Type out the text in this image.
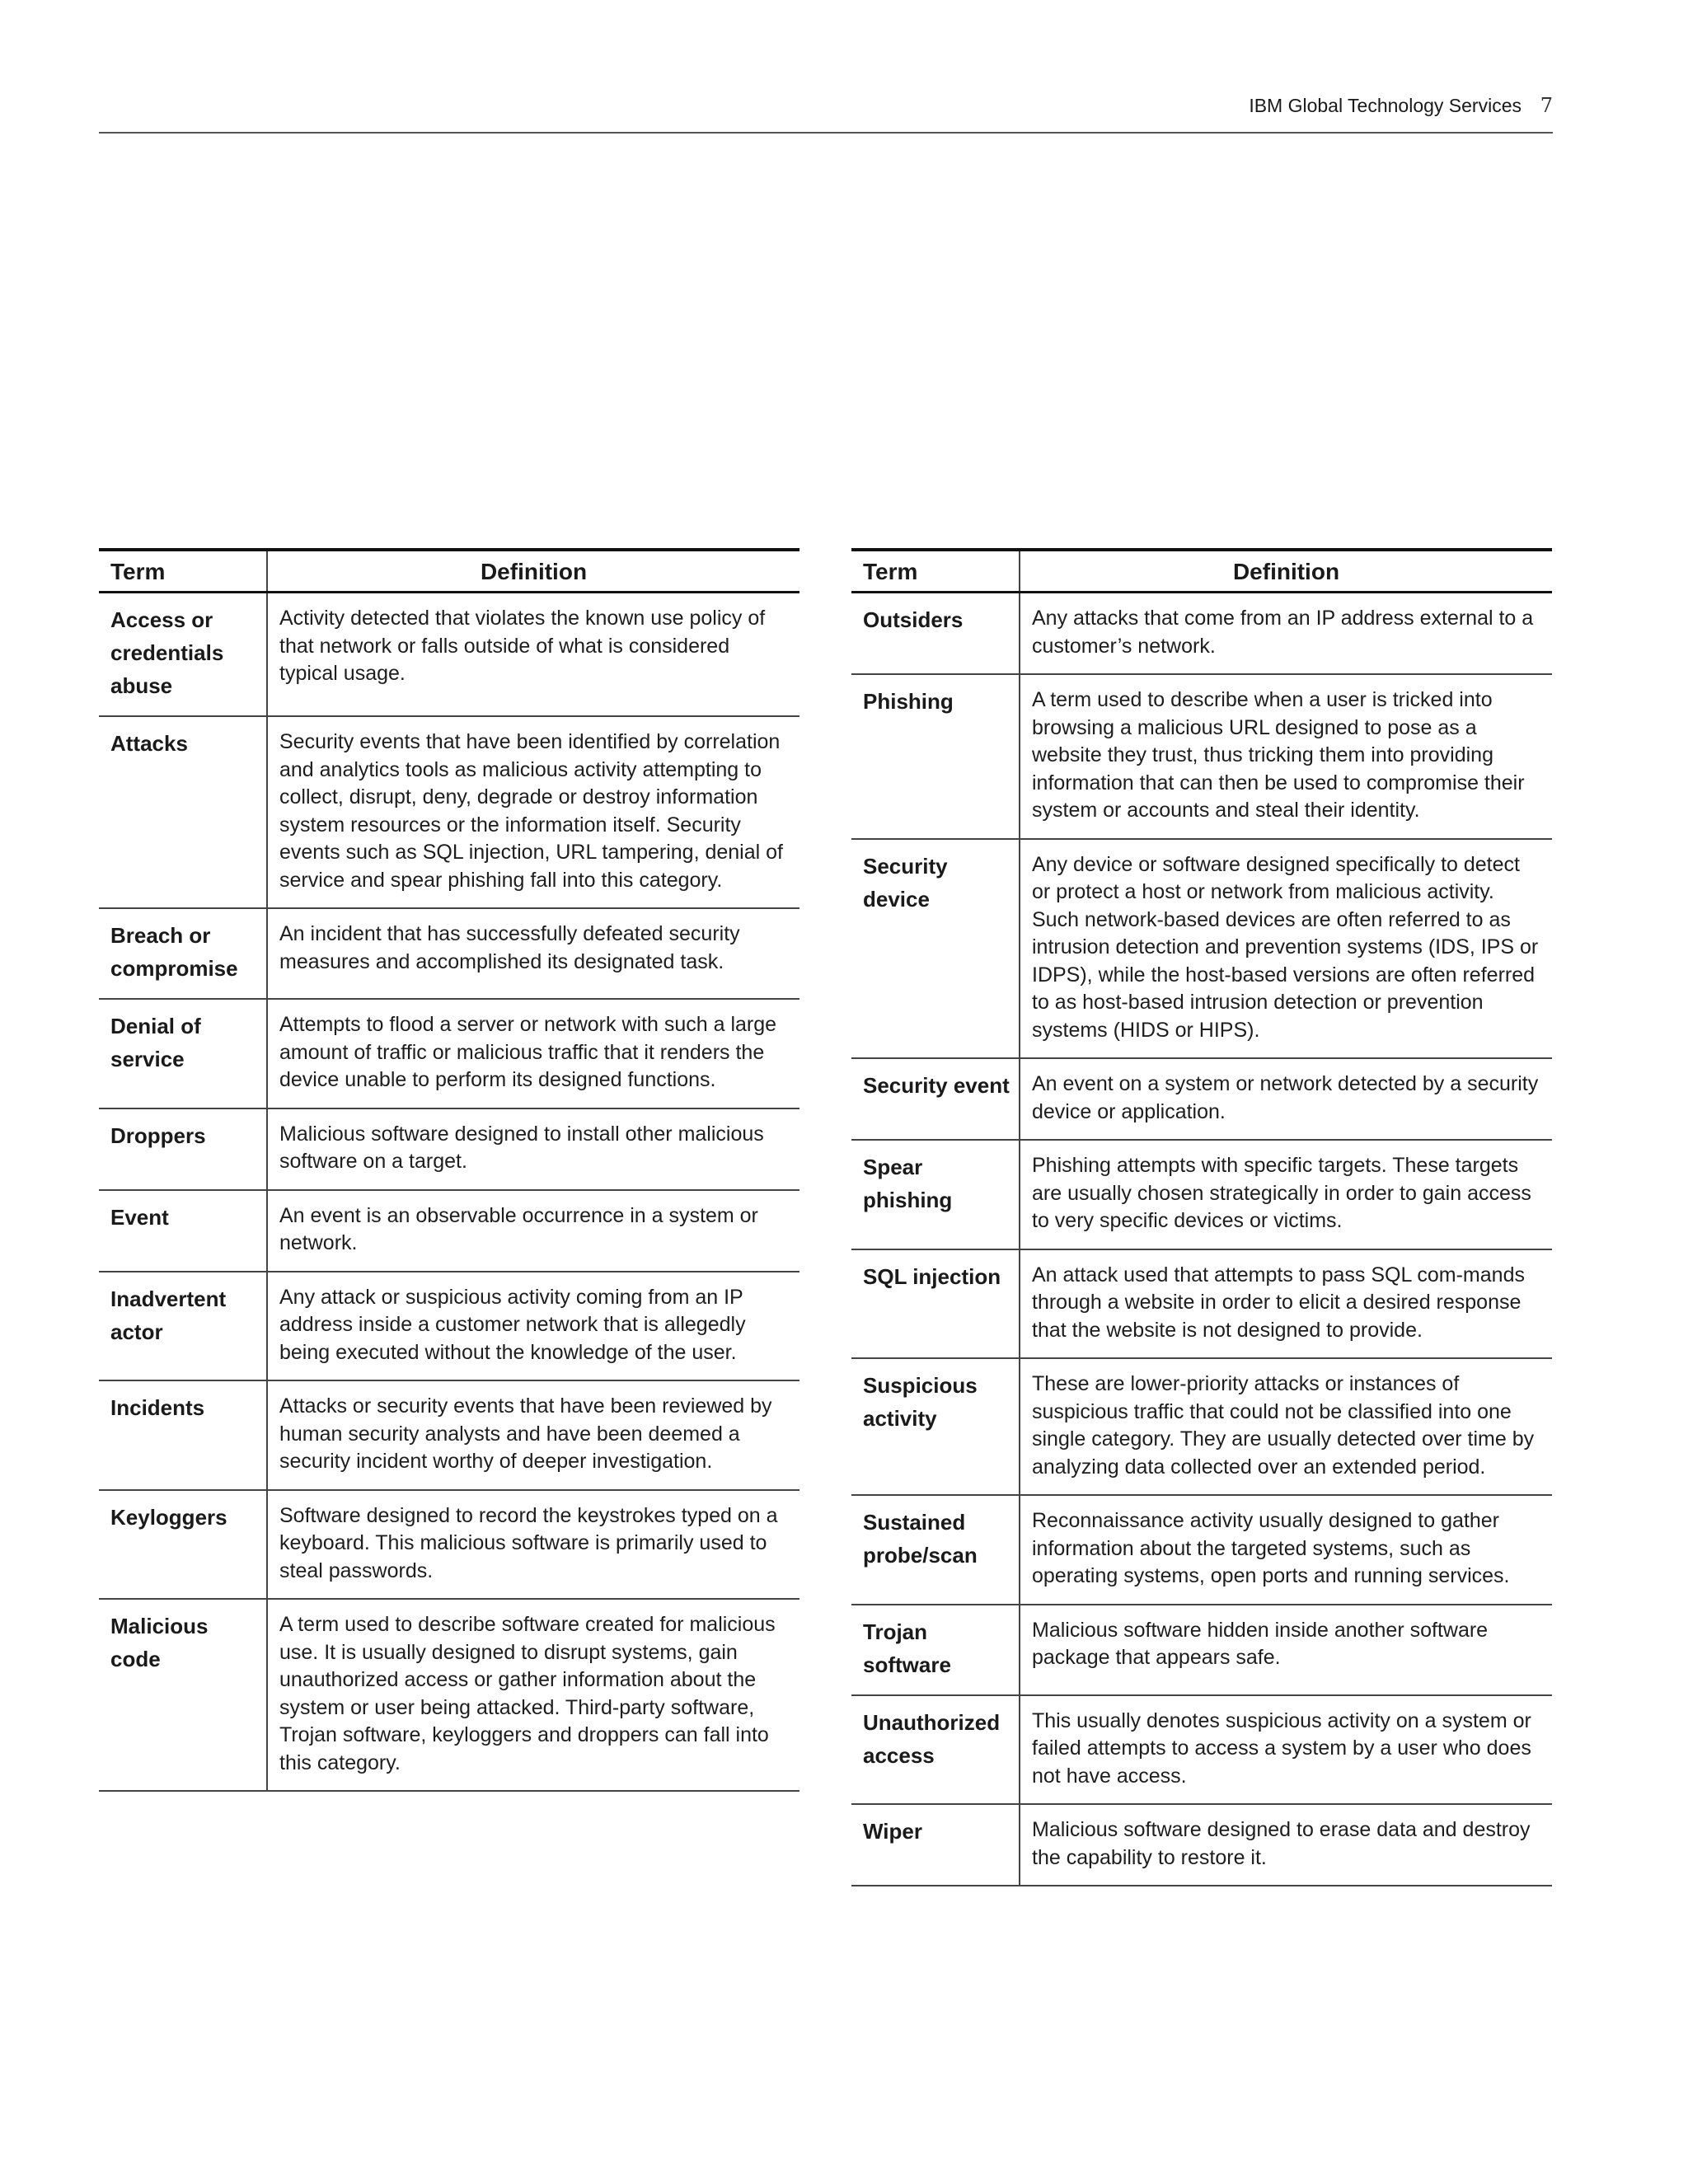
IBM Global Technology Services 7
Term	Definition
Access or credentials abuse	Activity detected that violates the known use policy of that network or falls outside of what is considered typical usage.
Attacks	Security events that have been identified by correlation and analytics tools as malicious activity attempting to collect, disrupt, deny, degrade or destroy information system resources or the information itself. Security events such as SQL injection, URL tampering, denial of service and spear phishing fall into this category.
Breach or compromise	An incident that has successfully defeated security measures and accomplished its designated task.
Denial of service	Attempts to flood a server or network with such a large amount of traffic or malicious traffic that it renders the device unable to perform its designed functions.
Droppers	Malicious software designed to install other malicious software on a target.
Event	An event is an observable occurrence in a system or network.
Inadvertent actor	Any attack or suspicious activity coming from an IP address inside a customer network that is allegedly being executed without the knowledge of the user.
Incidents	Attacks or security events that have been reviewed by human security analysts and have been deemed a security incident worthy of deeper investigation.
Keyloggers	Software designed to record the keystrokes typed on a keyboard. This malicious software is primarily used to steal passwords.
Malicious code	A term used to describe software created for malicious use. It is usually designed to disrupt systems, gain unauthorized access or gather information about the system or user being attacked. Third-party software, Trojan software, keyloggers and droppers can fall into this category.
Term	Definition
Outsiders	Any attacks that come from an IP address external to a customer’s network.
Phishing	A term used to describe when a user is tricked into browsing a malicious URL designed to pose as a website they trust, thus tricking them into providing information that can then be used to compromise their system or accounts and steal their identity.
Security device	Any device or software designed specifically to detect or protect a host or network from malicious activity. Such network-based devices are often referred to as intrusion detection and prevention systems (IDS, IPS or IDPS), while the host-based versions are often referred to as host-based intrusion detection or prevention systems (HIDS or HIPS).
Security event	An event on a system or network detected by a security device or application.
Spear phishing	Phishing attempts with specific targets. These targets are usually chosen strategically in order to gain access to very specific devices or victims.
SQL injection	An attack used that attempts to pass SQL com-mands through a website in order to elicit a desired response that the website is not designed to provide.
Suspicious activity	These are lower-priority attacks or instances of suspicious traffic that could not be classified into one single category. They are usually detected over time by analyzing data collected over an extended period.
Sustained probe/scan	Reconnaissance activity usually designed to gather information about the targeted systems, such as operating systems, open ports and running services.
Trojan software	Malicious software hidden inside another software package that appears safe.
Unauthorized access	This usually denotes suspicious activity on a system or failed attempts to access a system by a user who does not have access.
Wiper	Malicious software designed to erase data and destroy the capability to restore it.
